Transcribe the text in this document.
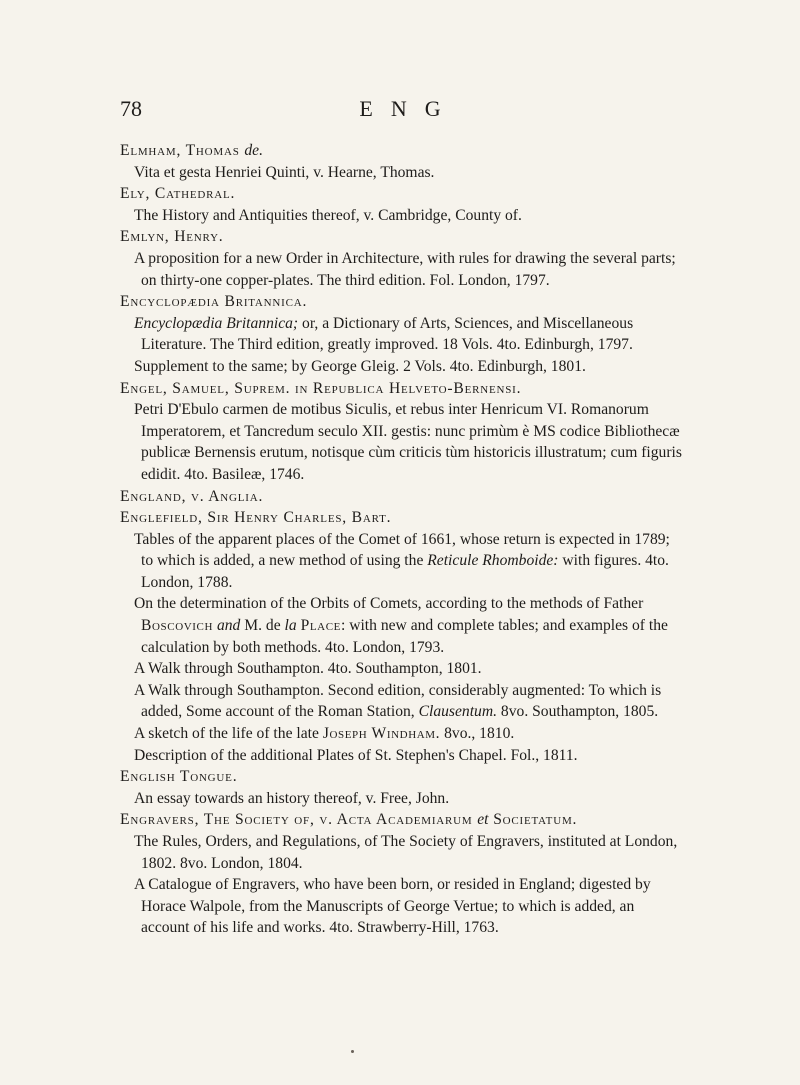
78	ENG

Elmham, Thomas de.

Vita et gesta Henriei Quinti, v. Hearne, Thomas.

Ely, Cathedral.

The History and Antiquities thereof, v. Cambridge, County of.

Emlyn, Henry.

A proposition for a new Order in Architecture, with rules for drawing the several parts; on thirty-one copper-plates. The third edition. Fol. London, 1797.

Encyclopædia Britannica.

Encyclopædia Britannica; or, a Dictionary of Arts, Sciences, and Miscellaneous Literature. The Third edition, greatly improved. 18 Vols. 4to. Edinburgh, 1797.

Supplement to the same; by George Gleig. 2 Vols. 4to. Edinburgh, 1801.

Engel, Samuel, Suprem. in Republica Helveto-Bernensi.

Petri D'Ebulo carmen de motibus Siculis, et rebus inter Henricum VI. Romanorum Imperatorem, et Tancredum seculo XII. gestis: nunc primùm è MS codice Bibliothecæ publicæ Bernensis erutum, notisque cùm criticis tùm historicis illustratum; cum figuris edidit. 4to. Basileæ, 1746.

England, v. Anglia.

Englefield, Sir Henry Charles, Bart.

Tables of the apparent places of the Comet of 1661, whose return is expected in 1789; to which is added, a new method of using the Reticule Rhomboide: with figures. 4to. London, 1788.

On the determination of the Orbits of Comets, according to the methods of Father Boscovich and M. de la Place: with new and complete tables; and examples of the calculation by both methods. 4to. London, 1793.

A Walk through Southampton. 4to. Southampton, 1801.

A Walk through Southampton. Second edition, considerably augmented: To which is added, Some account of the Roman Station, Clausentum. 8vo. Southampton, 1805.

A sketch of the life of the late Joseph Windham. 8vo., 1810.

Description of the additional Plates of St. Stephen's Chapel. Fol., 1811.

English Tongue.

An essay towards an history thereof, v. Free, John.

Engravers, The Society of, v. Acta Academiarum et Societatum.

The Rules, Orders, and Regulations, of The Society of Engravers, instituted at London, 1802. 8vo. London, 1804.

A Catalogue of Engravers, who have been born, or resided in England; digested by Horace Walpole, from the Manuscripts of George Vertue; to which is added, an account of his life and works. 4to. Strawberry-Hill, 1763.
